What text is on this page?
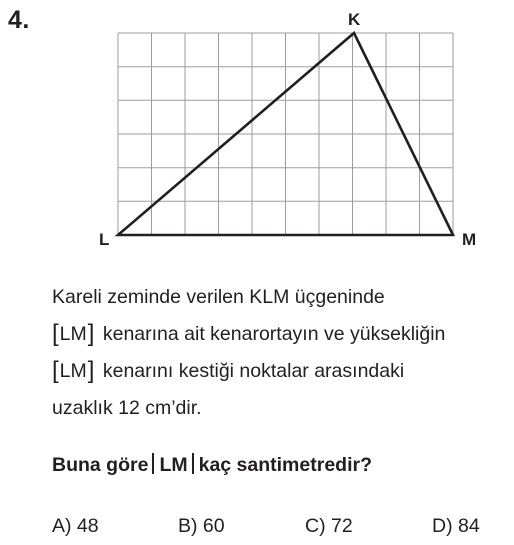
4.	K
L	M
Kareli zeminde verilen KLM üçgeninde
[LM] kenarına ait kenarortayın ve yüksekliğin
[LM] kenarını kestiği noktalar arasındaki
uzaklık 12 cm’dir.
Buna göre LM kaç santimetredir?
A) 48	B) 60	C) 72	D) 84
